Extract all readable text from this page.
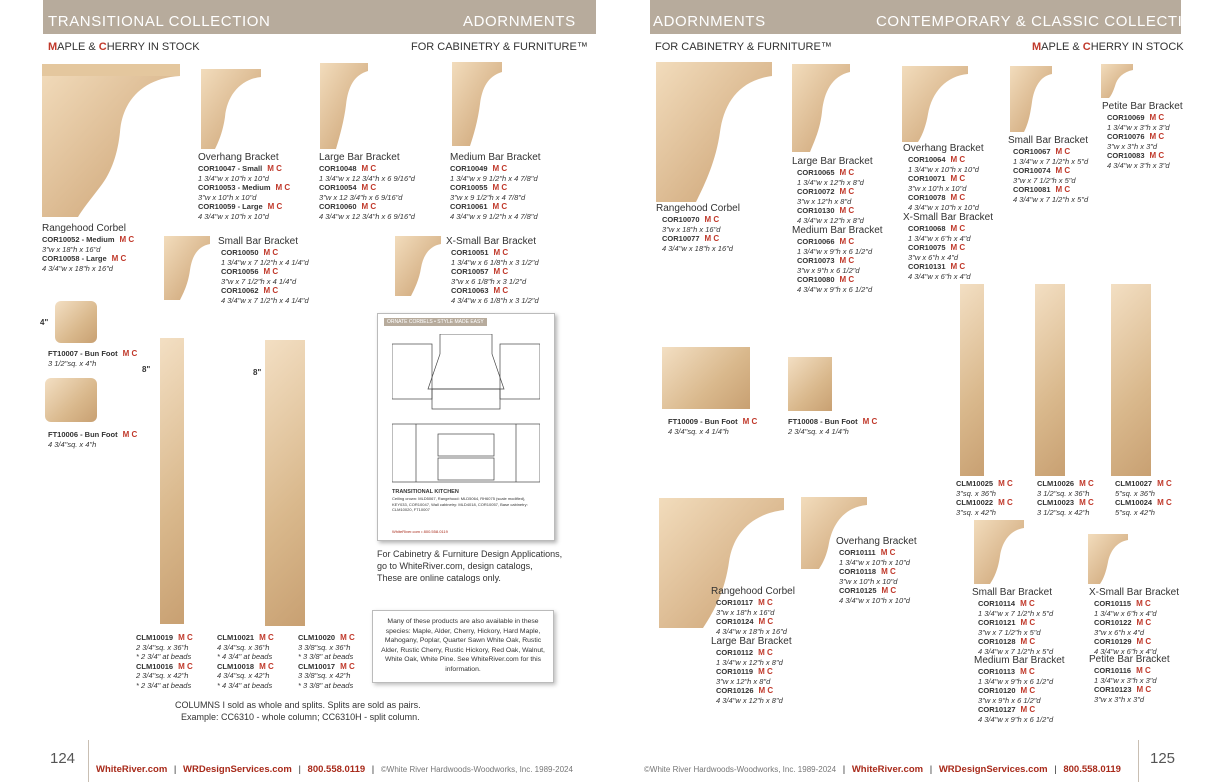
TRANSITIONAL COLLECTION	ADORNMENTS	ADORNMENTS	CONTEMPORARY & CLASSIC COLLECTION
MAPLE & CHERRY IN STOCK	FOR CABINETRY & FURNITURE™	FOR CABINETRY & FURNITURE™	MAPLE & CHERRY IN STOCK
4"
8"	8"
ORNATE CORBELS • STYLE MADE EASY
TRANSITIONAL KITCHEN
Ceiling crown: MLD5067, Rangehood: MLD5064, RH6075 (scale modified), KEY033, COR10047, Wall cabinetry: MLD4018, COR10057, Base cabinetry: CLM10020, FT10007
WhiteRiver.com • 800.558.0119
For Cabinetry & Furniture Design Applications,
go to WhiteRiver.com, design catalogs,
These are online catalogs only.
Many of these products are also available in these species: Maple, Alder, Cherry, Hickory, Hard Maple, Mahogany, Poplar, Quarter Sawn White Oak, Rustic Alder, Rustic Cherry, Rustic Hickory, Red Oak, Walnut, White Oak, White Pine. See WhiteRiver.com for this information.
COLUMNS I sold as whole and splits. Splits are sold as pairs.
Example: CC6310 - whole column; CC6310H - split column.
Rangehood Corbel
COR10052 - Medium M C
3"w x 18"h x 16"d
COR10058 - Large M C
4 3/4"w x 18"h x 16"d
Overhang Bracket
COR10047 - Small M C
1 3/4"w x 10"h x 10"d
COR10053 - Medium M C
3"w x 10"h x 10"d
COR10059 - Large M C
4 3/4"w x 10"h x 10"d
Large Bar Bracket
COR10048 M C
1 3/4"w x 12 3/4"h x 6 9/16"d
COR10054 M C
3"w x 12 3/4"h x 6 9/16"d
COR10060 M C
4 3/4"w x 12 3/4"h x 6 9/16"d
Medium Bar Bracket
COR10049 M C
1 3/4"w x 9 1/2"h x 4 7/8"d
COR10055 M C
3"w x 9 1/2"h x 4 7/8"d
COR10061 M C
4 3/4"w x 9 1/2"h x 4 7/8"d
Small Bar Bracket
COR10050 M C
1 3/4"w x 7 1/2"h x 4 1/4"d
COR10056 M C
3"w x 7 1/2"h x 4 1/4"d
COR10062 M C
4 3/4"w x 7 1/2"h x 4 1/4"d
X-Small Bar Bracket
COR10051 M C
1 3/4"w x 6 1/8"h x 3 1/2"d
COR10057 M C
3"w x 6 1/8"h x 3 1/2"d
COR10063 M C
4 3/4"w x 6 1/8"h x 3 1/2"d
FT10007 - Bun Foot M C
3 1/2"sq. x 4"h
FT10006 - Bun Foot M C
4 3/4"sq. x 4"h
CLM10019 M C
2 3/4"sq. x 36"h
* 2 3/4" at beads
CLM10016 M C
2 3/4"sq. x 42"h
* 2 3/4" at beads
CLM10021 M C
4 3/4"sq. x 36"h
* 4 3/4" at beads
CLM10018 M C
4 3/4"sq. x 42"h
* 4 3/4" at beads
CLM10020 M C
3 3/8"sq. x 36"h
* 3 3/8" at beads
CLM10017 M C
3 3/8"sq. x 42"h
* 3 3/8" at beads
Rangehood Corbel
COR10070 M C
3"w x 18"h x 16"d
COR10077 M C
4 3/4"w x 18"h x 16"d
Large Bar Bracket
COR10065 M C
1 3/4"w x 12"h x 8"d
COR10072 M C
3"w x 12"h x 8"d
COR10130 M C
4 3/4"w x 12"h x 8"d
Medium Bar Bracket
COR10066 M C
1 3/4"w x 9"h x 6 1/2"d
COR10073 M C
3"w x 9"h x 6 1/2"d
COR10080 M C
4 3/4"w x 9"h x 6 1/2"d
Overhang Bracket
COR10064 M C
1 3/4"w x 10"h x 10"d
COR10071 M C
3"w x 10"h x 10"d
COR10078 M C
4 3/4"w x 10"h x 10"d
X-Small Bar Bracket
COR10068 M C
1 3/4"w x 6"h x 4"d
COR10075 M C
3"w x 6"h x 4"d
COR10131 M C
4 3/4"w x 6"h x 4"d
Small Bar Bracket
COR10067 M C
1 3/4"w x 7 1/2"h x 5"d
COR10074 M C
3"w x 7 1/2"h x 5"d
COR10081 M C
4 3/4"w x 7 1/2"h x 5"d
Petite Bar Bracket
COR10069 M C
1 3/4"w x 3"h x 3"d
COR10076 M C
3"w x 3"h x 3"d
COR10083 M C
4 3/4"w x 3"h x 3"d
FT10009 - Bun Foot M C
4 3/4"sq. x 4 1/4"h
FT10008 - Bun Foot M C
2 3/4"sq. x 4 1/4"h
CLM10025 M C
3"sq. x 36"h
CLM10022 M C
3"sq. x 42"h
CLM10026 M C
3 1/2"sq. x 36"h
CLM10023 M C
3 1/2"sq. x 42"h
CLM10027 M C
5"sq. x 36"h
CLM10024 M C
5"sq. x 42"h
Rangehood Corbel
COR10117 M C
3"w x 18"h x 16"d
COR10124 M C
4 3/4"w x 18"h x 16"d
Large Bar Bracket
COR10112 M C
1 3/4"w x 12"h x 8"d
COR10119 M C
3"w x 12"h x 8"d
COR10126 M C
4 3/4"w x 12"h x 8"d
Overhang Bracket
COR10111 M C
1 3/4"w x 10"h x 10"d
COR10118 M C
3"w x 10"h x 10"d
COR10125 M C
4 3/4"w x 10"h x 10"d
Small Bar Bracket
COR10114 M C
1 3/4"w x 7 1/2"h x 5"d
COR10121 M C
3"w x 7 1/2"h x 5"d
COR10128 M C
4 3/4"w x 7 1/2"h x 5"d
Medium Bar Bracket
COR10113 M C
1 3/4"w x 9"h x 6 1/2"d
COR10120 M C
3"w x 9"h x 6 1/2"d
COR10127 M C
4 3/4"w x 9"h x 6 1/2"d
X-Small Bar Bracket
COR10115 M C
1 3/4"w x 6"h x 4"d
COR10122 M C
3"w x 6"h x 4"d
COR10129 M C
4 3/4"w x 6"h x 4"d
Petite Bar Bracket
COR10116 M C
1 3/4"w x 3"h x 3"d
COR10123 M C
3"w x 3"h x 3"d
124
WhiteRiver.com | WRDesignServices.com | 800.558.0119 | ©White River Hardwoods-Woodworks, Inc. 1989-2024	©White River Hardwoods-Woodworks, Inc. 1989-2024 | WhiteRiver.com | WRDesignServices.com | 800.558.0119
125
